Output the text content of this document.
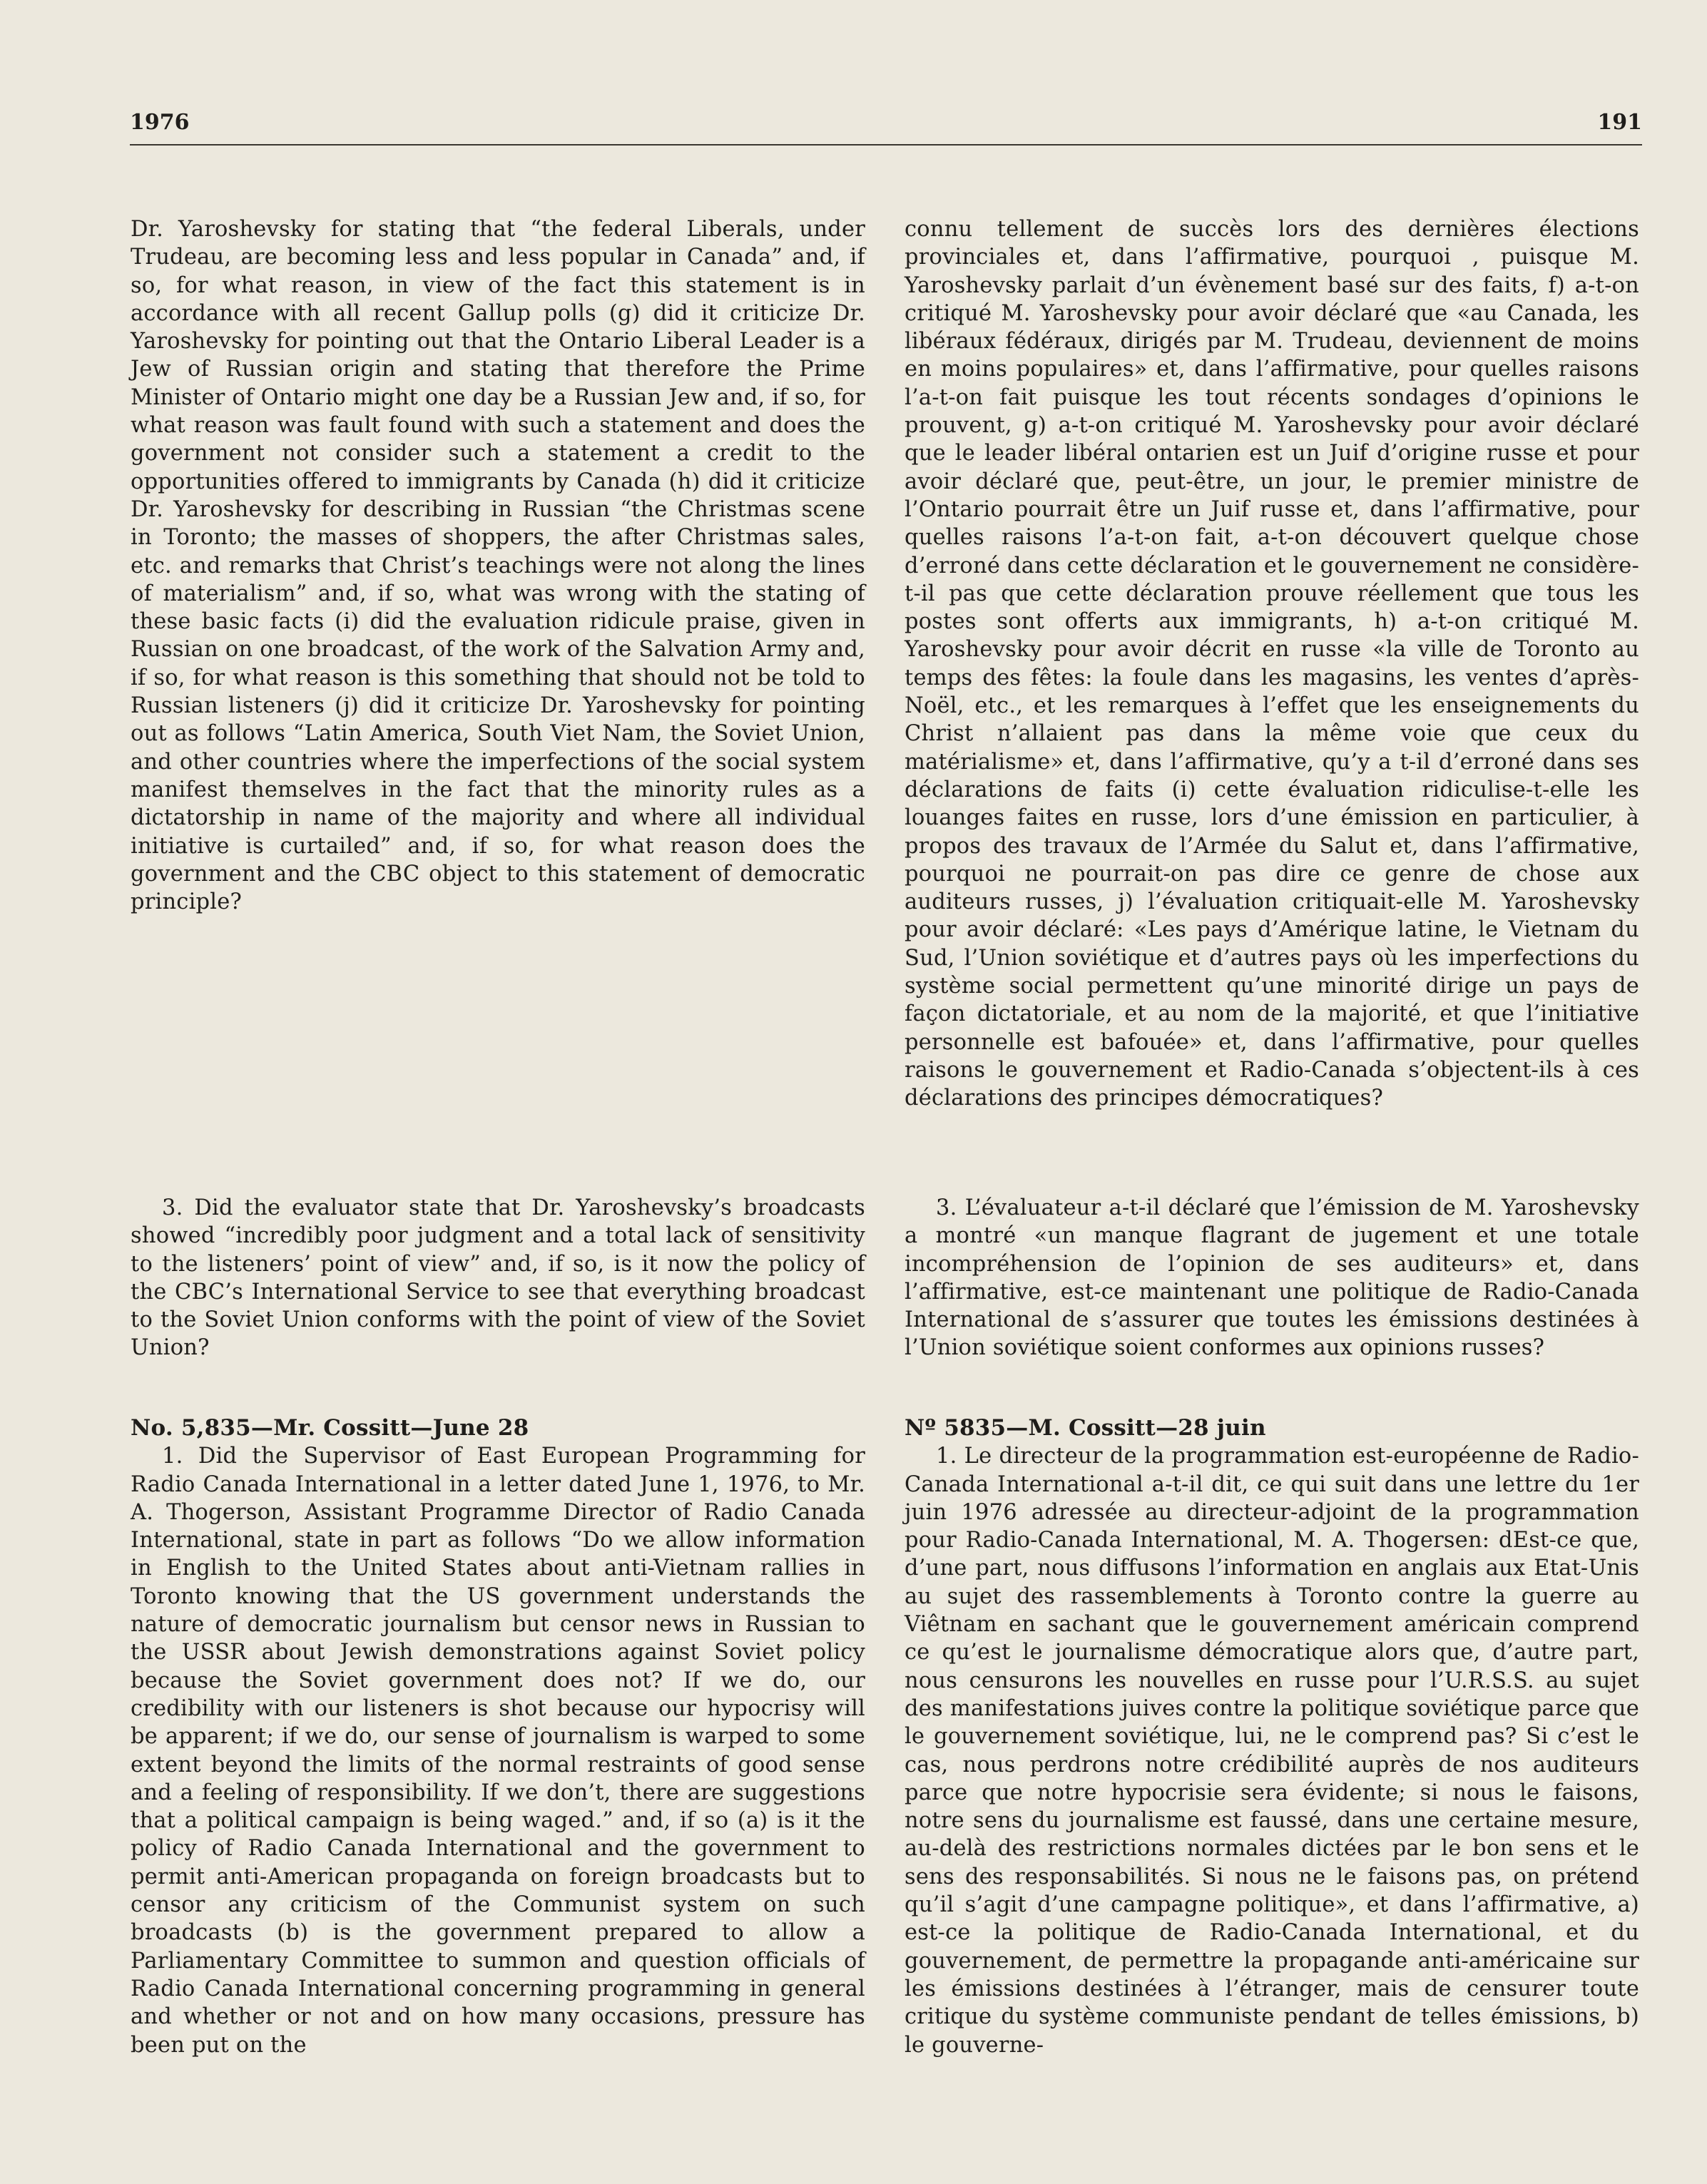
1976	191

Dr. Yaroshevsky for stating that “the federal Liberals, under Trudeau, are becoming less and less popular in Canada” and, if so, for what reason, in view of the fact this statement is in accordance with all recent Gallup polls (g) did it criticize Dr. Yaroshevsky for pointing out that the Ontario Liberal Leader is a Jew of Russian origin and stating that therefore the Prime Minister of Ontario might one day be a Russian Jew and, if so, for what reason was fault found with such a statement and does the government not consider such a statement a credit to the opportunities offered to immigrants by Canada (h) did it criticize Dr. Yaroshevsky for describing in Russian “the Christmas scene in Toronto; the masses of shoppers, the after Christmas sales, etc. and remarks that Christ’s teachings were not along the lines of materialism” and, if so, what was wrong with the stating of these basic facts (i) did the evaluation ridicule praise, given in Russian on one broadcast, of the work of the Salvation Army and, if so, for what reason is this something that should not be told to Russian listeners (j) did it criticize Dr. Yaroshevsky for pointing out as follows “Latin America, South Viet Nam, the Soviet Union, and other countries where the imperfections of the social system manifest themselves in the fact that the minority rules as a dictatorship in name of the majority and where all individual initiative is curtailed” and, if so, for what reason does the government and the CBC object to this statement of democratic principle?

3. Did the evaluator state that Dr. Yaroshevsky’s broadcasts showed “incredibly poor judgment and a total lack of sensitivity to the listeners’ point of view” and, if so, is it now the policy of the CBC’s International Service to see that everything broadcast to the Soviet Union conforms with the point of view of the Soviet Union?

No. 5,835—Mr. Cossitt—June 28

1. Did the Supervisor of East European Programming for Radio Canada International in a letter dated June 1, 1976, to Mr. A. Thogerson, Assistant Programme Director of Radio Canada International, state in part as follows “Do we allow information in English to the United States about anti-Vietnam rallies in Toronto knowing that the US government understands the nature of democratic journalism but censor news in Russian to the USSR about Jewish demonstrations against Soviet policy because the Soviet government does not? If we do, our credibility with our listeners is shot because our hypocrisy will be apparent; if we do, our sense of journalism is warped to some extent beyond the limits of the normal restraints of good sense and a feeling of responsibility. If we don’t, there are suggestions that a political campaign is being waged.” and, if so (a) is it the policy of Radio Canada International and the government to permit anti-American propaganda on foreign broadcasts but to censor any criticism of the Communist system on such broadcasts (b) is the government prepared to allow a Parliamentary Committee to summon and question officials of Radio Canada International concerning programming in general and whether or not and on how many occasions, pressure has been put on the

connu tellement de succès lors des dernières élections provinciales et, dans l’affirmative, pourquoi , puisque M. Yaroshevsky parlait d’un évènement basé sur des faits, f) a-t-on critiqué M. Yaroshevsky pour avoir déclaré que «au Canada, les libéraux fédéraux, dirigés par M. Trudeau, deviennent de moins en moins populaires» et, dans l’affirmative, pour quelles raisons l’a-t-on fait puisque les tout récents sondages d’opinions le prouvent, g) a-t-on critiqué M. Yaroshevsky pour avoir déclaré que le leader libéral ontarien est un Juif d’origine russe et pour avoir déclaré que, peut-être, un jour, le premier ministre de l’Ontario pourrait être un Juif russe et, dans l’affirmative, pour quelles raisons l’a-t-on fait, a-t-on découvert quelque chose d’erroné dans cette déclaration et le gouvernement ne considère-t-il pas que cette déclaration prouve réellement que tous les postes sont offerts aux immigrants, h) a-t-on critiqué M. Yaroshevsky pour avoir décrit en russe «la ville de Toronto au temps des fêtes: la foule dans les magasins, les ventes d’après-Noël, etc., et les remarques à l’effet que les enseignements du Christ n’allaient pas dans la même voie que ceux du matérialisme» et, dans l’affirmative, qu’y a t-il d’erroné dans ses déclarations de faits (i) cette évaluation ridiculise-t-elle les louanges faites en russe, lors d’une émission en particulier, à propos des travaux de l’Armée du Salut et, dans l’affirmative, pourquoi ne pourrait-on pas dire ce genre de chose aux auditeurs russes, j) l’évaluation critiquait-elle M. Yaroshevsky pour avoir déclaré: «Les pays d’Amérique latine, le Vietnam du Sud, l’Union soviétique et d’autres pays où les imperfections du système social permettent qu’une minorité dirige un pays de façon dictatoriale, et au nom de la majorité, et que l’initiative personnelle est bafouée» et, dans l’affirmative, pour quelles raisons le gouvernement et Radio-Canada s’objectent-ils à ces déclarations des principes démocratiques?

3. L’évaluateur a-t-il déclaré que l’émission de M. Yaroshevsky a montré «un manque flagrant de jugement et une totale incompréhension de l’opinion de ses auditeurs» et, dans l’affirmative, est-ce maintenant une politique de Radio-Canada International de s’assurer que toutes les émissions destinées à l’Union soviétique soient conformes aux opinions russes?

Nº 5835—M. Cossitt—28 juin

1. Le directeur de la programmation est-européenne de Radio-Canada International a-t-il dit, ce qui suit dans une lettre du 1er juin 1976 adressée au directeur-adjoint de la programmation pour Radio-Canada International, M. A. Thogersen: dEst-ce que, d’une part, nous diffusons l’information en anglais aux Etat-Unis au sujet des rassemblements à Toronto contre la guerre au Viêtnam en sachant que le gouvernement américain comprend ce qu’est le journalisme démocratique alors que, d’autre part, nous censurons les nouvelles en russe pour l’U.R.S.S. au sujet des manifestations juives contre la politique soviétique parce que le gouvernement soviétique, lui, ne le comprend pas? Si c’est le cas, nous perdrons notre crédibilité auprès de nos auditeurs parce que notre hypocrisie sera évidente; si nous le faisons, notre sens du journalisme est faussé, dans une certaine mesure, au-delà des restrictions normales dictées par le bon sens et le sens des responsabilités. Si nous ne le faisons pas, on prétend qu’il s’agit d’une campagne politique», et dans l’affirmative, a) est-ce la politique de Radio-Canada International, et du gouvernement, de permettre la propagande anti-américaine sur les émissions destinées à l’étranger, mais de censurer toute critique du système communiste pendant de telles émissions, b) le gouverne-
